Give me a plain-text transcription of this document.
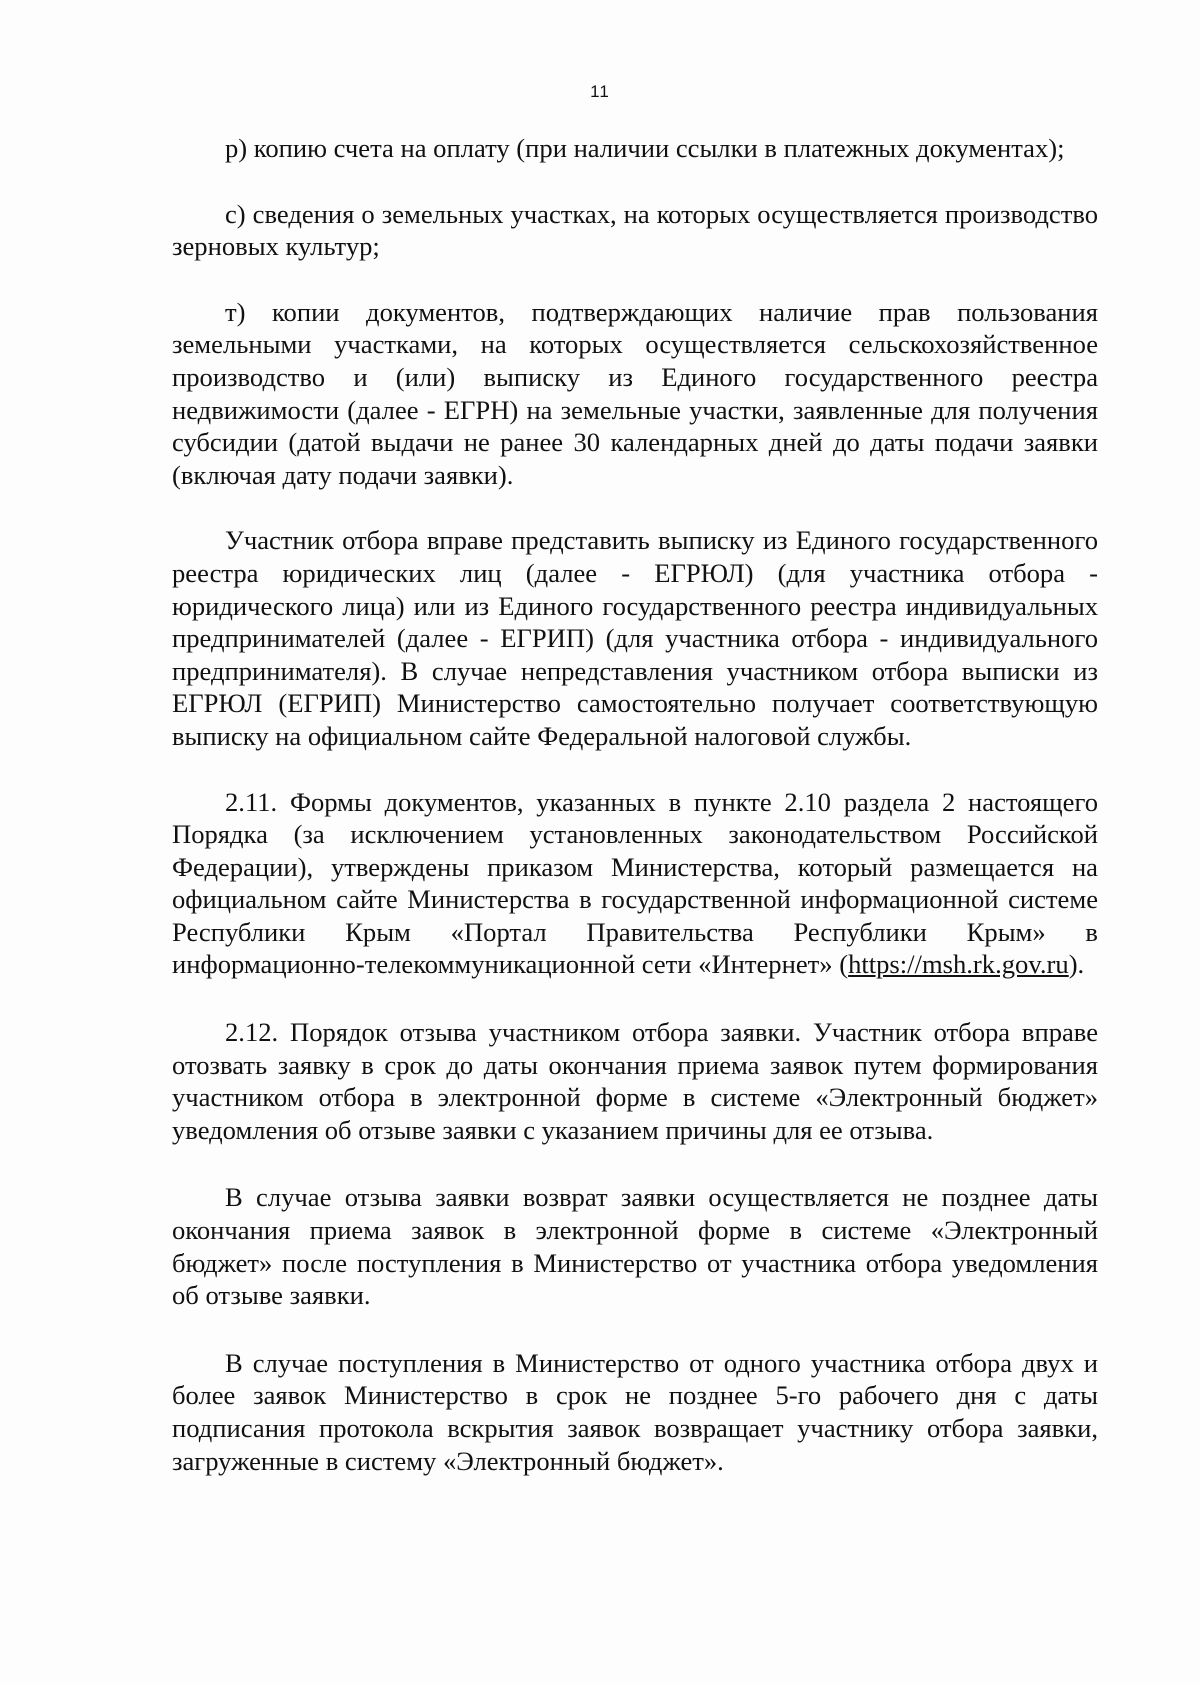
11

р) копию счета на оплату (при наличии ссылки в платежных документах);

с) сведения о земельных участках, на которых осуществляется производство зерновых культур;

т) копии документов, подтверждающих наличие прав пользования земельными участками, на которых осуществляется сельскохозяйственное производство и (или) выписку из Единого государственного реестра недвижимости (далее - ЕГРН) на земельные участки, заявленные для получения субсидии (датой выдачи не ранее 30 календарных дней до даты подачи заявки (включая дату подачи заявки).

Участник отбора вправе представить выписку из Единого государственного реестра юридических лиц (далее - ЕГРЮЛ) (для участника отбора - юридического лица) или из Единого государственного реестра индивидуальных предпринимателей (далее - ЕГРИП) (для участника отбора - индивидуального предпринимателя). В случае непредставления участником отбора выписки из ЕГРЮЛ (ЕГРИП) Министерство самостоятельно получает соответствующую выписку на официальном сайте Федеральной налоговой службы.

2.11. Формы документов, указанных в пункте 2.10 раздела 2 настоящего Порядка (за исключением установленных законодательством Российской Федерации), утверждены приказом Министерства, который размещается на официальном сайте Министерства в государственной информационной системе Республики Крым «Портал Правительства Республики Крым» в информационно-телекоммуникационной сети «Интернет» (https://msh.rk.gov.ru).

2.12. Порядок отзыва участником отбора заявки. Участник отбора вправе отозвать заявку в срок до даты окончания приема заявок путем формирования участником отбора в электронной форме в системе «Электронный бюджет» уведомления об отзыве заявки с указанием причины для ее отзыва.

В случае отзыва заявки возврат заявки осуществляется не позднее даты окончания приема заявок в электронной форме в системе «Электронный бюджет» после поступления в Министерство от участника отбора уведомления об отзыве заявки.

В случае поступления в Министерство от одного участника отбора двух и более заявок Министерство в срок не позднее 5-го рабочего дня с даты подписания протокола вскрытия заявок возвращает участнику отбора заявки, загруженные в систему «Электронный бюджет».
